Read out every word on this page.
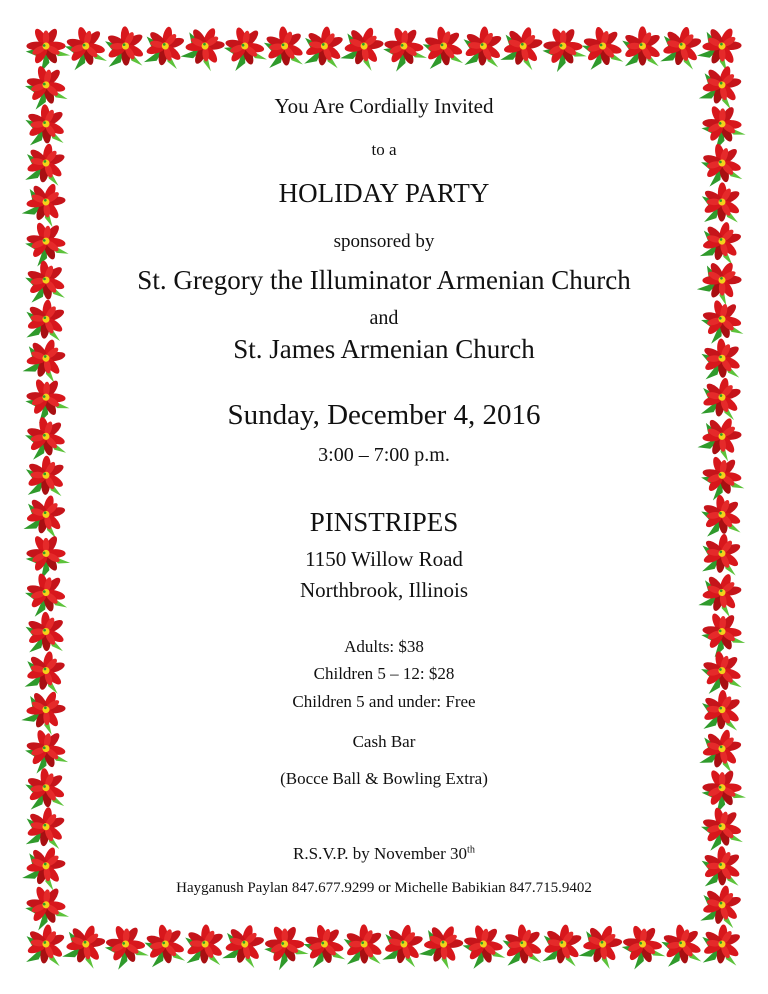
You Are Cordially Invited
to a
HOLIDAY PARTY
sponsored by
St. Gregory the Illuminator Armenian Church
and
St. James Armenian Church
Sunday, December 4, 2016
3:00 – 7:00 p.m.
PINSTRIPES
1150 Willow Road
Northbrook, Illinois
Adults: $38
Children 5 – 12: $28
Children 5 and under: Free
Cash Bar
(Bocce Ball & Bowling Extra)
R.S.V.P. by November 30th
Hayganush Paylan 847.677.9299 or Michelle Babikian 847.715.9402
